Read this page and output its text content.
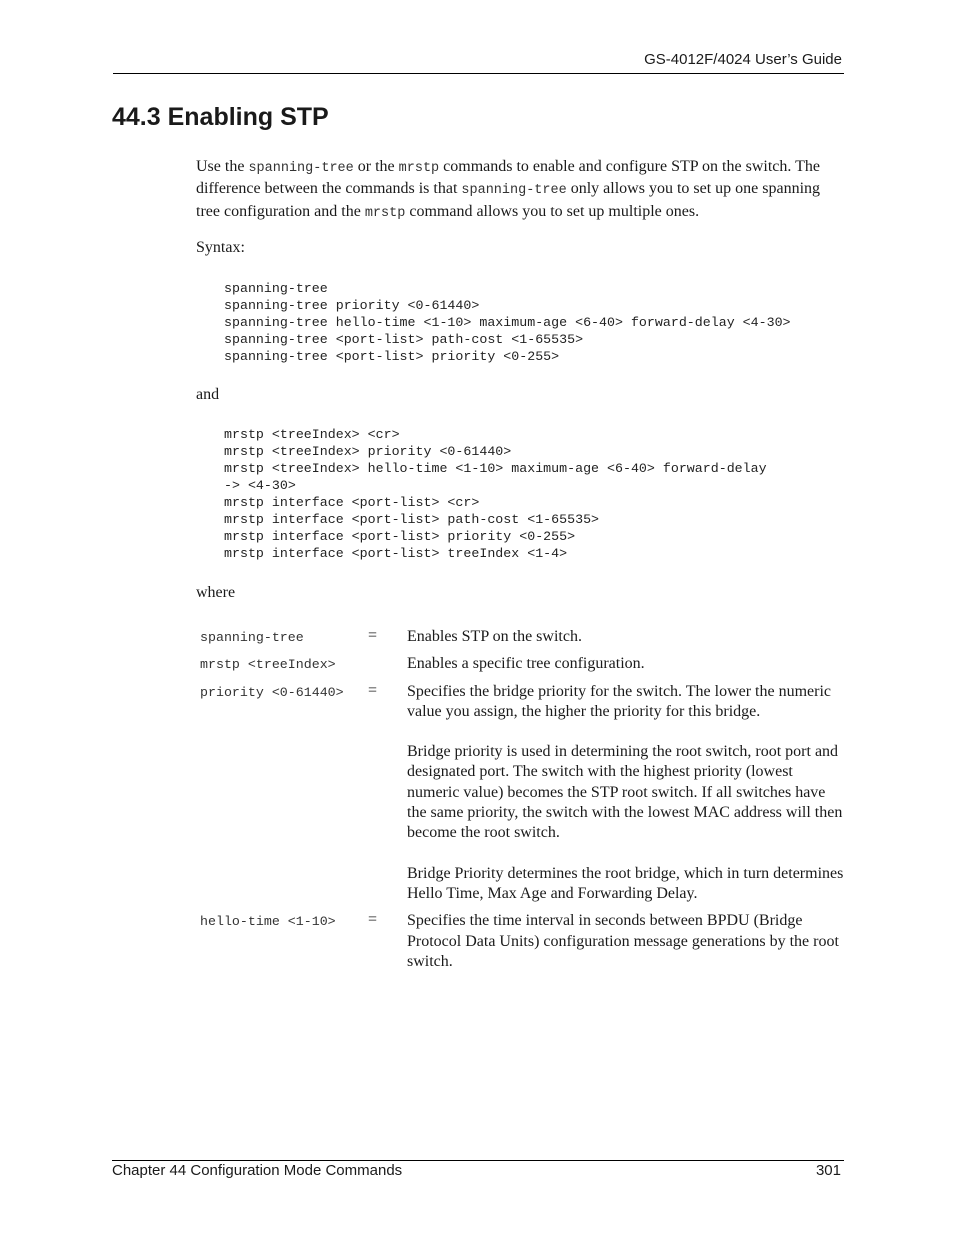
GS-4012F/4024 User’s Guide
44.3 Enabling STP

Use the spanning-tree or the mrstp commands to enable and configure STP on the switch. The difference between the commands is that spanning-tree only allows you to set up one spanning tree configuration and the mrstp command allows you to set up multiple ones.

Syntax:

spanning-tree
spanning-tree priority <0-61440>
spanning-tree hello-time <1-10> maximum-age <6-40> forward-delay <4-30>
spanning-tree <port-list> path-cost <1-65535>
spanning-tree <port-list> priority <0-255>

and

mrstp <treeIndex> <cr>
mrstp <treeIndex> priority <0-61440>
mrstp <treeIndex> hello-time <1-10> maximum-age <6-40> forward-delay
-> <4-30>
mrstp interface <port-list> <cr>
mrstp interface <port-list> path-cost <1-65535>
mrstp interface <port-list> priority <0-255>
mrstp interface <port-list> treeIndex <1-4>

where

spanning-tree	=	Enables STP on the switch.

mrstp <treeIndex>		Enables a specific tree configuration.

priority <0-61440>	=	Specifies the bridge priority for the switch. The lower the numeric value you assign, the higher the priority for this bridge.
Bridge priority is used in determining the root switch, root port and designated port. The switch with the highest priority (lowest numeric value) becomes the STP root switch. If all switches have the same priority, the switch with the lowest MAC address will then become the root switch.
Bridge Priority determines the root bridge, which in turn determines Hello Time, Max Age and Forwarding Delay.

hello-time <1-10>	=	Specifies the time interval in seconds between BPDU (Bridge Protocol Data Units) configuration message generations by the root switch.
Chapter 44 Configuration Mode Commands	301
